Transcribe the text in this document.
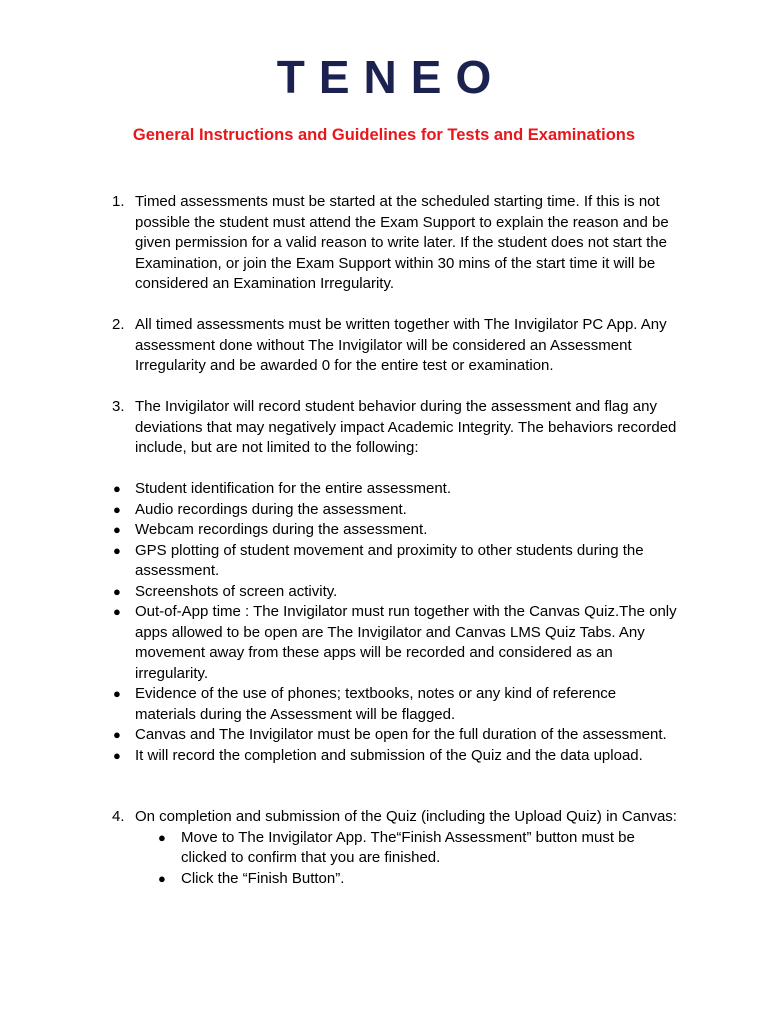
TENEO
General Instructions and Guidelines for Tests and Examinations
1. Timed assessments must be started at the scheduled starting time. If this is not possible the student must attend the Exam Support to explain the reason and be given permission for a valid reason to write later. If the student does not start the Examination, or join the Exam Support within 30 mins of the start time it will be considered an Examination Irregularity.
2. All timed assessments must be written together with The Invigilator PC App. Any assessment done without The Invigilator will be considered an Assessment Irregularity and be awarded 0 for the entire test or examination.
3. The Invigilator will record student behavior during the assessment and flag any deviations that may negatively impact Academic Integrity. The behaviors recorded include, but are not limited to the following:
● Student identification for the entire assessment.
● Audio recordings during the assessment.
● Webcam recordings during the assessment.
● GPS plotting of student movement and proximity to other students during the assessment.
● Screenshots of screen activity.
● Out-of-App time : The Invigilator must run together with the Canvas Quiz.The only apps allowed to be open are The Invigilator and Canvas LMS Quiz Tabs. Any movement away from these apps will be recorded and considered as an irregularity.
● Evidence of the use of phones; textbooks, notes or any kind of reference materials during the Assessment will be flagged.
● Canvas and The Invigilator must be open for the full duration of the assessment.
● It will record the completion and submission of the Quiz and the data upload.
4. On completion and submission of the Quiz (including the Upload Quiz) in Canvas:
● Move to The Invigilator App. The“Finish Assessment” button must be clicked to confirm that you are finished.
● Click the “Finish Button”.
